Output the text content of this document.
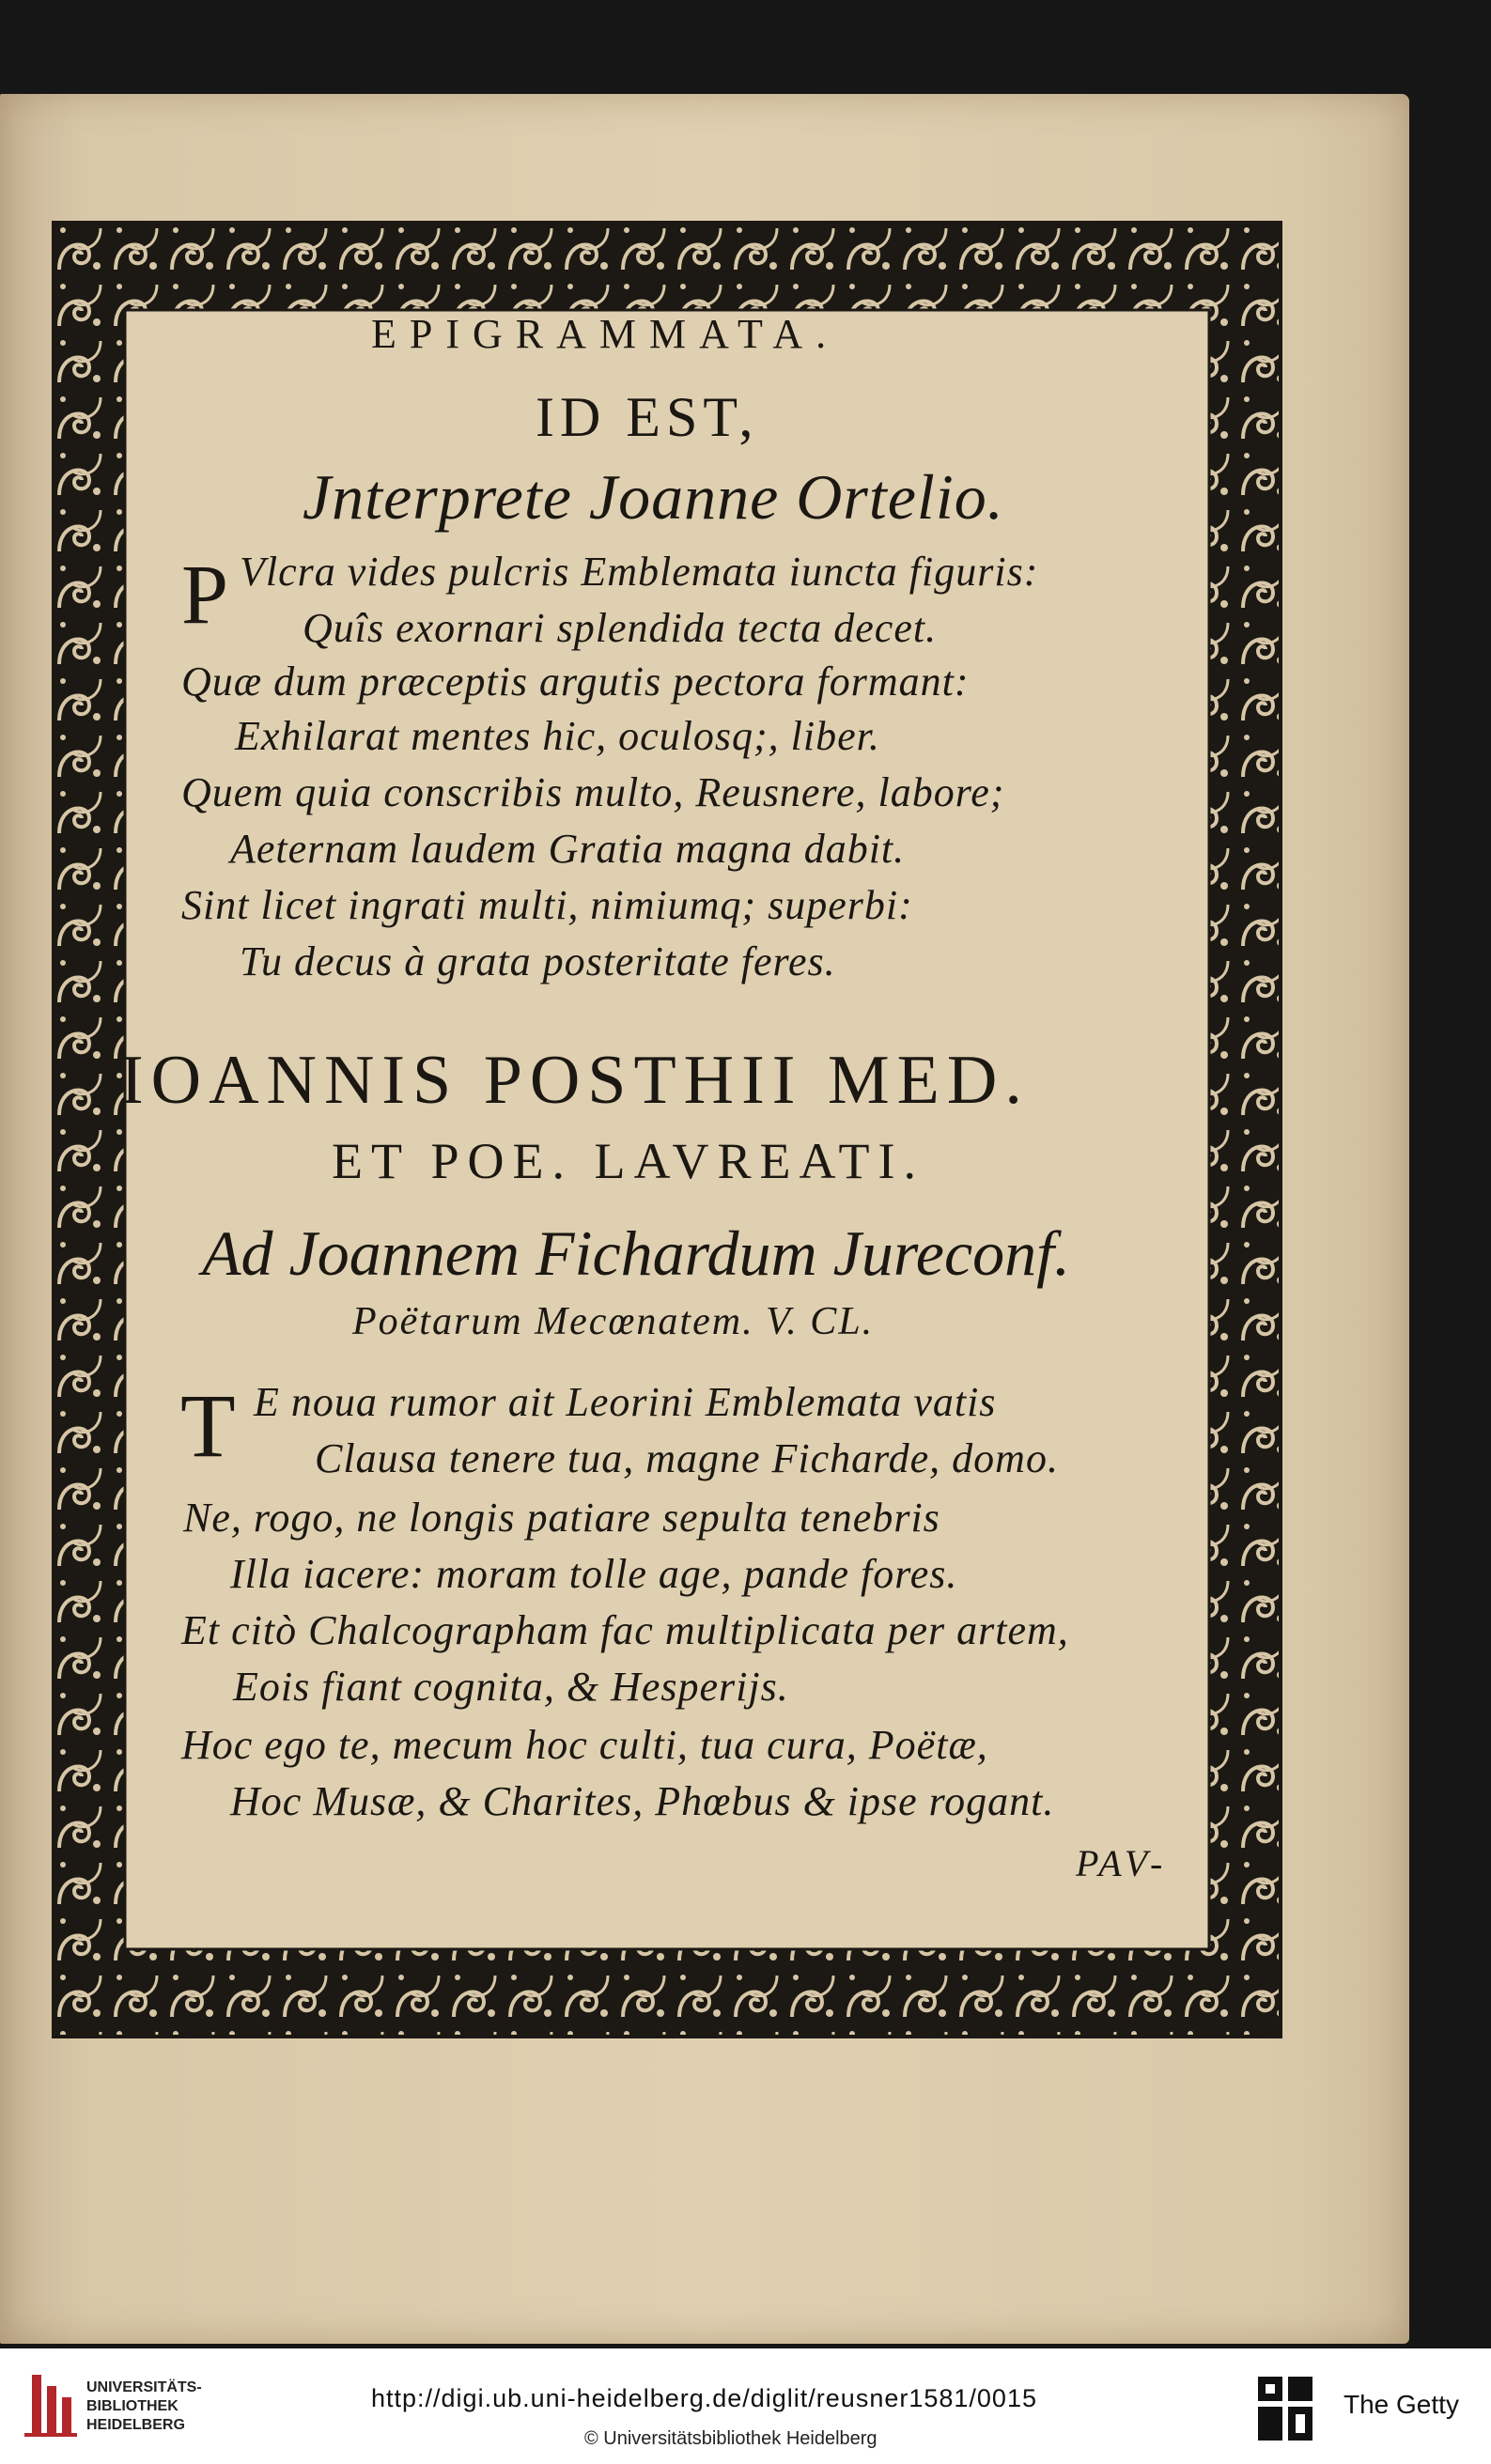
EPIGRAMMATA.
ID EST,
Jnterprete Joanne Ortelio.
P Vlcra vides pulcris Emblemata iuncta figuris:
Quîs exornari splendida tecta decet.
Quæ dum præceptis argutis pectora formant:
Exhilarat mentes hic, oculosq;, liber.
Quem quia conscribis multo, Reusnere, labore;
Aeternam laudem Gratia magna dabit.
Sint licet ingrati multi, nimiumq; superbi:
Tu decus à grata posteritate feres.
IOANNIS POSTHII MED.
ET POE. LAVREATI.
Ad Joannem Fichardum Jureconf.
Poëtarum Mecœnatem. V. CL.
T E noua rumor ait Leorini Emblemata vatis
Clausa tenere tua, magne Ficharde, domo.
Ne, rogo, ne longis patiare sepulta tenebris
Illa iacere: moram tolle age, pande fores.
Et citò Chalcographam fac multiplicata per artem,
Eois fiant cognita, & Hesperijs.
Hoc ego te, mecum hoc culti, tua cura, Poëtæ,
Hoc Musæ, & Charites, Phœbus & ipse rogant.
PAV-
UNIVERSITÄTS-
BIBLIOTHEK
HEIDELBERG
http://digi.ub.uni-heidelberg.de/diglit/reusner1581/0015
© Universitätsbibliothek Heidelberg
The Getty
